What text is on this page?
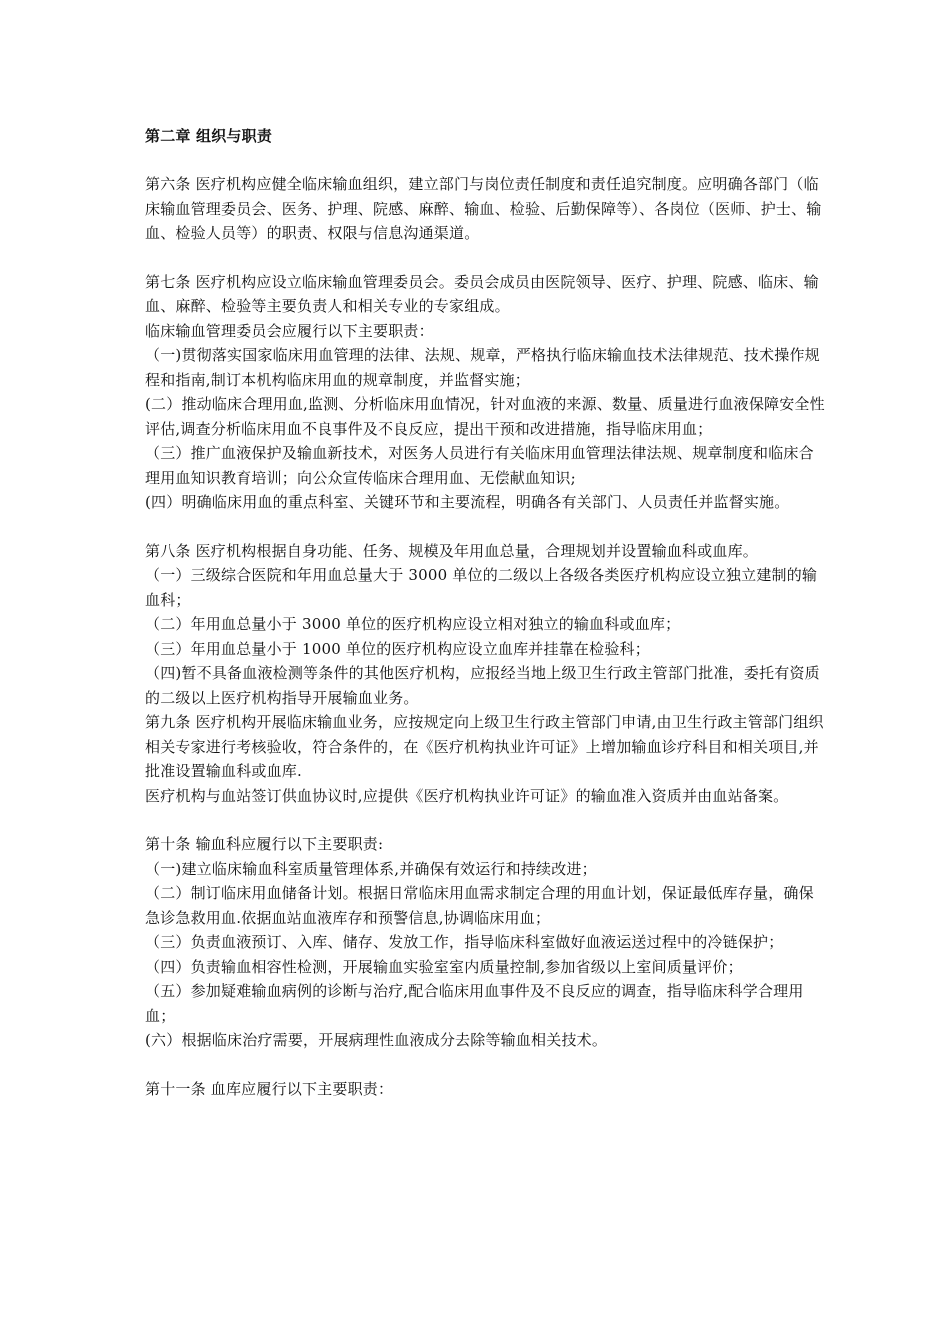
第二章 组织与职责

第六条 医疗机构应健全临床输血组织，建立部门与岗位责任制度和责任追究制度。应明确各部门（临床输血管理委员会、医务、护理、院感、麻醉、输血、检验、后勤保障等）、各岗位（医师、护士、输血、检验人员等）的职责、权限与信息沟通渠道。

第七条 医疗机构应设立临床输血管理委员会。委员会成员由医院领导、医疗、护理、院感、临床、输血、麻醉、检验等主要负责人和相关专业的专家组成。

临床输血管理委员会应履行以下主要职责：

（一)贯彻落实国家临床用血管理的法律、法规、规章，严格执行临床输血技术法律规范、技术操作规程和指南,制订本机构临床用血的规章制度，并监督实施；

(二）推动临床合理用血,监测、分析临床用血情况，针对血液的来源、数量、质量进行血液保障安全性评估,调查分析临床用血不良事件及不良反应，提出干预和改进措施，指导临床用血；

（三）推广血液保护及输血新技术，对医务人员进行有关临床用血管理法律法规、规章制度和临床合理用血知识教育培训；向公众宣传临床合理用血、无偿献血知识;

(四）明确临床用血的重点科室、关键环节和主要流程，明确各有关部门、人员责任并监督实施。

第八条 医疗机构根据自身功能、任务、规模及年用血总量，合理规划并设置输血科或血库。

（一）三级综合医院和年用血总量大于 3000 单位的二级以上各级各类医疗机构应设立独立建制的输血科；

（二）年用血总量小于 3000 单位的医疗机构应设立相对独立的输血科或血库；

（三）年用血总量小于 1000 单位的医疗机构应设立血库并挂靠在检验科；

（四)暂不具备血液检测等条件的其他医疗机构，应报经当地上级卫生行政主管部门批准，委托有资质的二级以上医疗机构指导开展输血业务。

第九条 医疗机构开展临床输血业务，应按规定向上级卫生行政主管部门申请,由卫生行政主管部门组织相关专家进行考核验收，符合条件的，在《医疗机构执业许可证》上增加输血诊疗科目和相关项目,并批准设置输血科或血库.

医疗机构与血站签订供血协议时,应提供《医疗机构执业许可证》的输血准入资质并由血站备案。

第十条 输血科应履行以下主要职责:

（一)建立临床输血科室质量管理体系,并确保有效运行和持续改进；

（二）制订临床用血储备计划。根据日常临床用血需求制定合理的用血计划，保证最低库存量，确保急诊急救用血.依据血站血液库存和预警信息,协调临床用血；

（三）负责血液预订、入库、储存、发放工作，指导临床科室做好血液运送过程中的冷链保护；

（四）负责输血相容性检测，开展输血实验室室内质量控制,参加省级以上室间质量评价；

（五）参加疑难输血病例的诊断与治疗,配合临床用血事件及不良反应的调查，指导临床科学合理用血；

(六）根据临床治疗需要，开展病理性血液成分去除等输血相关技术。

第十一条 血库应履行以下主要职责：
